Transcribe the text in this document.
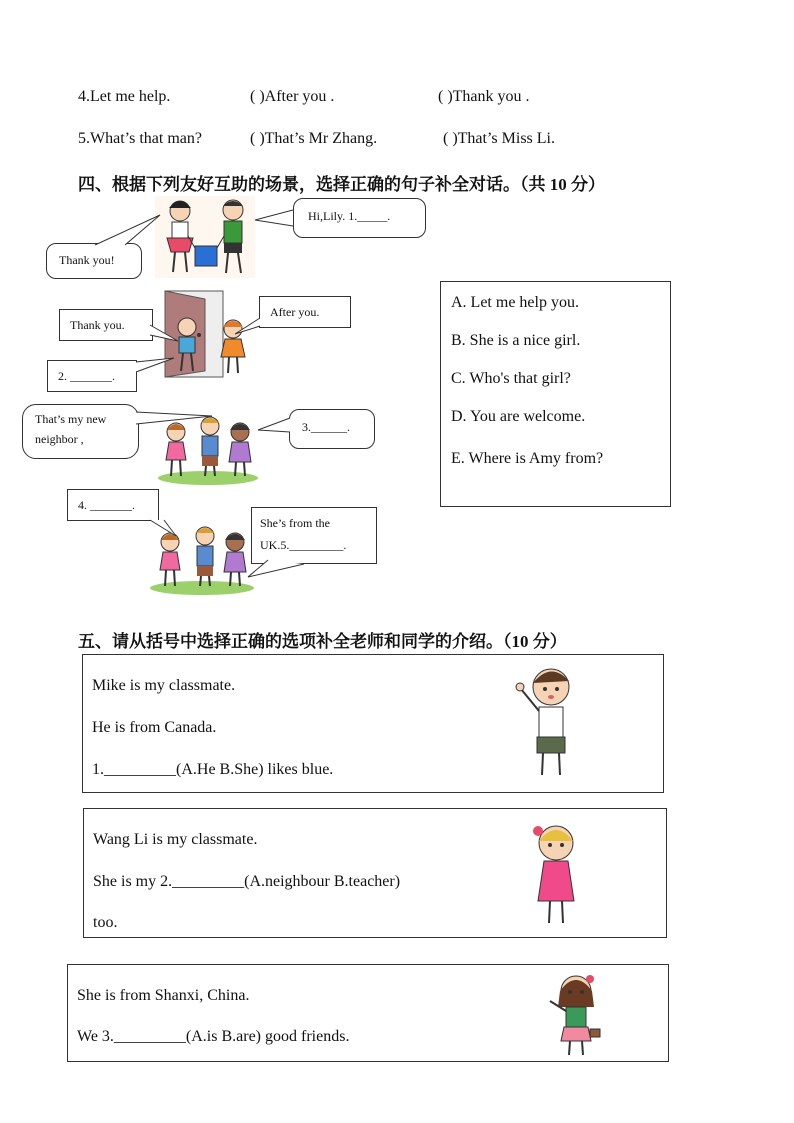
4.Let me help.	( )After you .	( )Thank you .
5.What’s that man?	( )That’s Mr Zhang.	( )That’s Miss Li.
四、根据下列友好互助的场景，选择正确的句子补全对话。（共 10 分）
Thank you!
Hi,Lily. 1._____.
Thank you.
After you.
2. _______.
That’s my new
neighbor ,
3.______.
4. _______.
She’s from the
UK.5._________.
A. Let me help you.
B. She is a nice girl.
C. Who's that girl?
D. You are welcome.
E. Where is Amy from?
五、请从括号中选择正确的选项补全老师和同学的介绍。（10 分）
Mike is my classmate.
He is from Canada.
1._________(A.He B.She) likes blue.
Wang Li is my classmate.
She is my 2._________(A.neighbour B.teacher)
too.
She is from Shanxi, China.
We 3._________(A.is B.are) good friends.
